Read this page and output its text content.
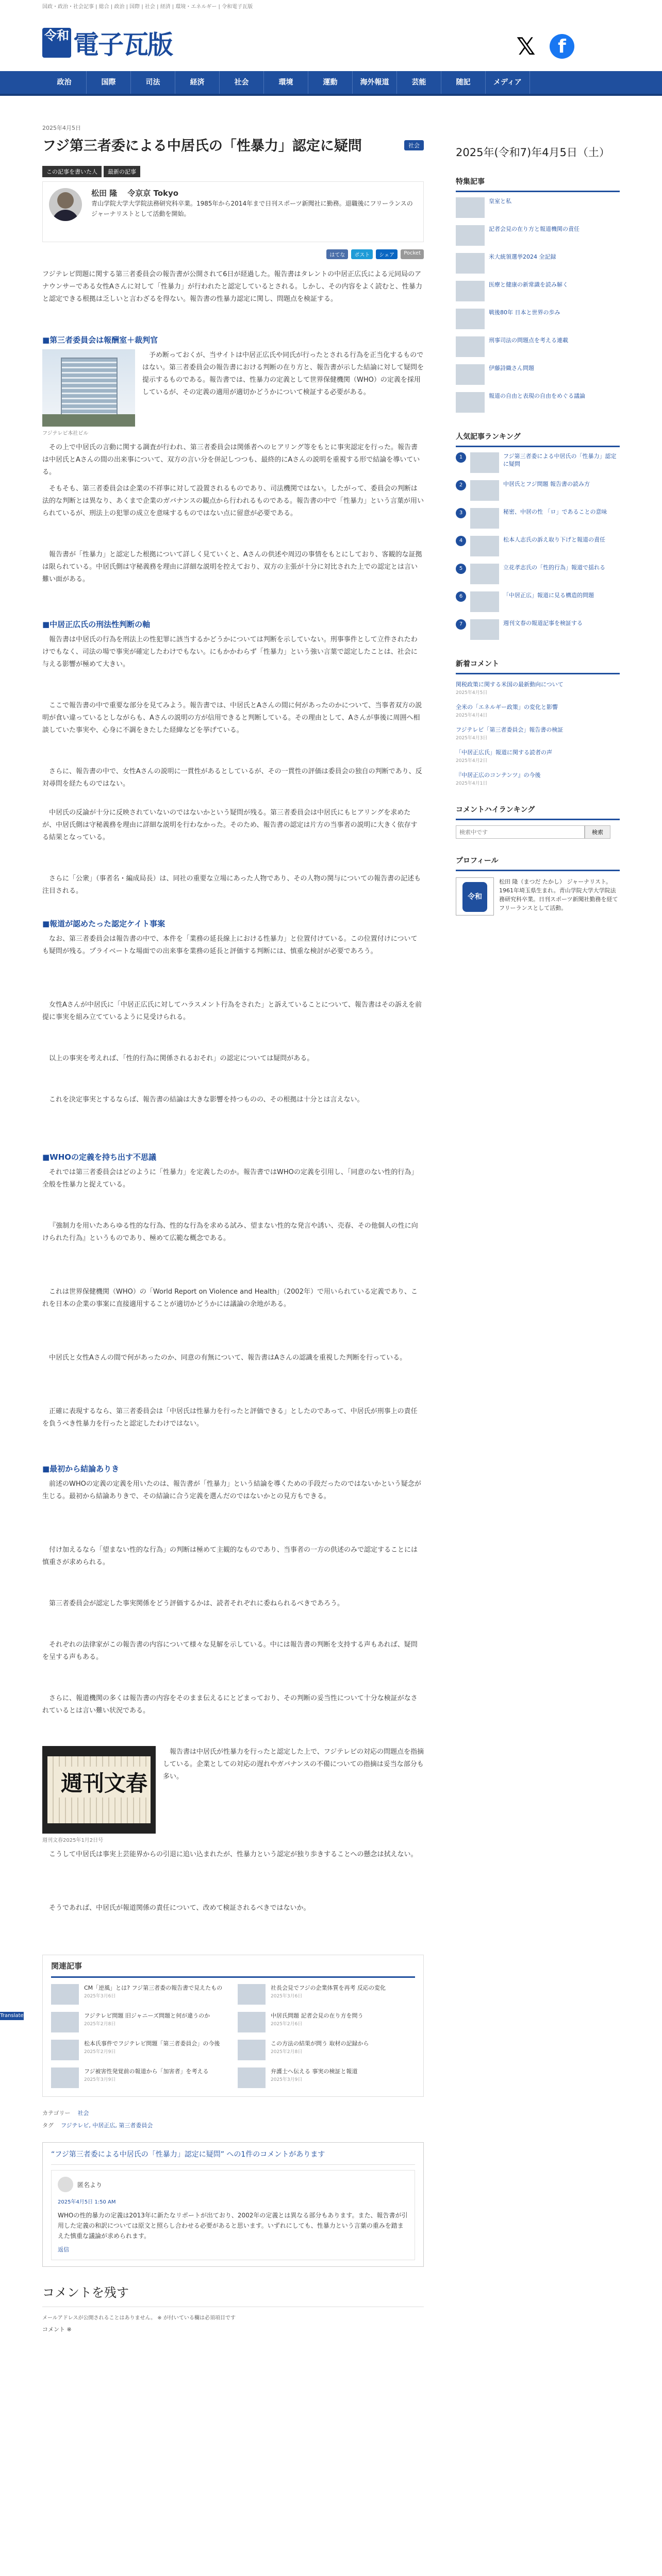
国政・政治・社会記事 | 総合 | 政治 | 国際 | 社会 | 経済 | 環境・エネルギー | 令和電子瓦版
令和 電子瓦版	𝕏	f
政治	国際	司法	経済	社会	環境	運動	海外報道	芸能	随記	メディア
2025年4月5日
社会
フジ第三者委による中居氏の「性暴力」認定に疑問
この記事を書いた人	最新の記事
松田 隆 令京京 Tokyo
青山学院大学大学院法務研究科卒業。1985年から2014年まで日刊スポーツ新聞社に勤務。退職後にフリーランスのジャーナリストとして活動を開始。
はてな	ポスト	シェア	Pocket
フジテレビ問題に関する第三者委員会の報告書が公開されて6日が経過した。報告書はタレントの中居正広氏による元同局のアナウンサーである女性Aさんに対して「性暴力」が行われたと認定しているとされる。しかし、その内容をよく読むと、性暴力と認定できる根拠は乏しいと言わざるを得ない。報告書の性暴力認定に関し、問題点を検証する。
■第三者委員会は報酬室＋裁判官
フジテレビ本社ビル

予め断っておくが、当サイトは中居正広氏や同氏が行ったとされる行為を正当化するものではない。第三者委員会の報告書における判断の在り方と、報告書が示した結論に対して疑問を提示するものである。報告書では、性暴力の定義として世界保健機関（WHO）の定義を採用しているが、その定義の適用が適切かどうかについて検証する必要がある。

その上で中居氏の言動に関する調査が行われ、第三者委員会は関係者へのヒアリング等をもとに事実認定を行った。報告書は中居氏とAさんの間の出来事について、双方の言い分を併記しつつも、最終的にAさんの説明を重視する形で結論を導いている。

そもそも、第三者委員会は企業の不祥事に対して設置されるものであり、司法機関ではない。したがって、委員会の判断は法的な判断とは異なり、あくまで企業のガバナンスの観点から行われるものである。報告書の中で「性暴力」という言葉が用いられているが、刑法上の犯罪の成立を意味するものではない点に留意が必要である。

報告書が「性暴力」と認定した根拠について詳しく見ていくと、Aさんの供述や周辺の事情をもとにしており、客観的な証拠は限られている。中居氏側は守秘義務を理由に詳細な説明を控えており、双方の主張が十分に対比された上での認定とは言い難い面がある。

■中居正広氏の刑法性判断の軸

報告書は中居氏の行為を刑法上の性犯罪に該当するかどうかについては判断を示していない。刑事事件として立件されたわけでもなく、司法の場で事実が確定したわけでもない。にもかかわらず「性暴力」という強い言葉で認定したことは、社会に与える影響が極めて大きい。

ここで報告書の中で重要な部分を見てみよう。報告書では、中居氏とAさんの間に何があったのかについて、当事者双方の説明が食い違っているとしながらも、Aさんの説明の方が信用できると判断している。その理由として、Aさんが事後に周囲へ相談していた事実や、心身に不調をきたした経緯などを挙げている。

さらに、報告書の中で、女性Aさんの説明に一貫性があるとしているが、その一貫性の評価は委員会の独自の判断であり、反対尋問を経たものではない。

中居氏の反論が十分に反映されていないのではないかという疑問が残る。第三者委員会は中居氏にもヒアリングを求めたが、中居氏側は守秘義務を理由に詳細な説明を行わなかった。そのため、報告書の認定は片方の当事者の説明に大きく依存する結果となっている。

さらに「公衆」（事者名・編成局長）は、同社の重要な立場にあった人物であり、その人物の関与についての報告書の記述も注目される。

■報道が認めたった認定ケイト事案

なお、第三者委員会は報告書の中で、本件を「業務の延長線上における性暴力」と位置付けている。この位置付けについても疑問が残る。プライベートな場面での出来事を業務の延長と評価する判断には、慎重な検討が必要であろう。

女性Aさんが中居氏に「中居正広氏に対してハラスメント行為をされた」と訴えていることについて、報告書はその訴えを前提に事実を組み立てているように見受けられる。

以上の事実を考えれば、「性的行為に関係されるおそれ」の認定については疑問がある。

これを決定事実とするならば、報告書の結論は大きな影響を持つものの、その根拠は十分とは言えない。

■WHOの定義を持ち出す不思議

それでは第三者委員会はどのように「性暴力」を定義したのか。報告書ではWHOの定義を引用し、「同意のない性的行為」全般を性暴力と捉えている。

『強制力を用いたあらゆる性的な行為、性的な行為を求める試み、望まない性的な発言や誘い、売春、その他個人の性に向けられた行為』というものであり、極めて広範な概念である。

これは世界保健機関（WHO）の「World Report on Violence and Health」（2002年）で用いられている定義であり、これを日本の企業の事案に直接適用することが適切かどうかには議論の余地がある。

中居氏と女性Aさんの間で何があったのか、同意の有無について、報告書はAさんの認識を重視した判断を行っている。

正確に表現するなら、第三者委員会は「中居氏は性暴力を行ったと評価できる」としたのであって、中居氏が刑事上の責任を負うべき性暴力を行ったと認定したわけではない。

■最初から結論ありき

前述のWHOの定義の定義を用いたのは、報告書が「性暴力」という結論を導くための手段だったのではないかという疑念が生じる。最初から結論ありきで、その結論に合う定義を選んだのではないかとの見方もできる。

付け加えるなら「望まない性的な行為」の判断は極めて主観的なものであり、当事者の一方の供述のみで認定することには慎重さが求められる。

第三者委員会が認定した事実関係をどう評価するかは、読者それぞれに委ねられるべきであろう。

それぞれの法律家がこの報告書の内容について様々な見解を示している。中には報告書の判断を支持する声もあれば、疑問を呈する声もある。

さらに、報道機関の多くは報告書の内容をそのまま伝えるにとどまっており、その判断の妥当性について十分な検証がなされているとは言い難い状況である。

週刊文春
週刊文春2025年1月2日号

報告書は中居氏が性暴力を行ったと認定した上で、フジテレビの対応の問題点を指摘している。企業としての対応の遅れやガバナンスの不備についての指摘は妥当な部分も多い。

こうして中居氏は事実上芸能界からの引退に追い込まれたが、性暴力という認定が独り歩きすることへの懸念は拭えない。

そうであれば、中居氏が報道関係の責任について、改めて検証されるべきではないか。

関連記事
CM「逆風」とは? フジ第三者委の報告書で見えたもの
2025年3月6日
社長会見でフジの企業体質を再考 反応の変化
2025年3月6日
フジテレビ問題 旧ジャニーズ問題と何が違うのか
2025年2月8日
中居氏問題 記者会見の在り方を問う
2025年2月6日
松本氏事件でフジテレビ問題「第三者委員会」の今後
2025年2月9日
この方法の結果が問う 取材の記録から
2025年2月8日
フジ被害性発覚前の報道から「加害者」を考える
2025年3月9日
弁護士へ伝える 事実の検証と報道
2025年3月9日
カテゴリー 社会
タグ フジテレビ, 中居正広, 第三者委員会
“フジ第三者委による中居氏の「性暴力」認定に疑問” への1件のコメントがあります
匿名より
2025年4月5日 1:50 AM
WHOの性的暴力の定義は2013年に新たなリポートが出ており、2002年の定義とは異なる部分もあります。また、報告書が引用した定義の和訳については原文と照らし合わせる必要があると思います。いずれにしても、性暴力という言葉の重みを踏まえた慎重な議論が求められます。
返信
コメントを残す
メールアドレスが公開されることはありません。 ※ が付いている欄は必須項目です
コメント ※
2025年(令和7)年4月5日（土）
特集記事
皇室と私
記者会見の在り方と報道機関の責任
米大統領選挙2024 全記録
医療と健康の新常識を読み解く
戦後80年 日本と世界の歩み
刑事司法の問題点を考える連載
伊藤詩織さん問題
報道の自由と表現の自由をめぐる議論
人気記事ランキング
1	フジ第三者委による中居氏の「性暴力」認定に疑問
2	中居氏とフジ問題 報告書の読み方
3	秘密、中居の性 「ロ」であることの意味
4	松本人志氏の訴え取り下げと報道の責任
5	立花孝志氏の「性的行為」報道で揺れる
6	「中居正広」報道に見る構造的問題
7	週刊文春の報道記事を検証する
新着コメント
関税政策に関する米国の最新動向について
2025年4月5日
全米の「エネルギー政策」の変化と影響
2025年4月4日
フジテレビ「第三者委員会」報告書の検証
2025年4月3日
「中居正広氏」報道に関する読者の声
2025年4月2日
『中居正広のコンテンツ』の今後
2025年4月1日
コメントハイランキング
検索中です
検索
プロフィール
令和
松田 隆（まつだ たかし） ジャーナリスト。1961年埼玉県生まれ。青山学院大学大学院法務研究科卒業。日刊スポーツ新聞社勤務を経てフリーランスとして活動。
Translate »
